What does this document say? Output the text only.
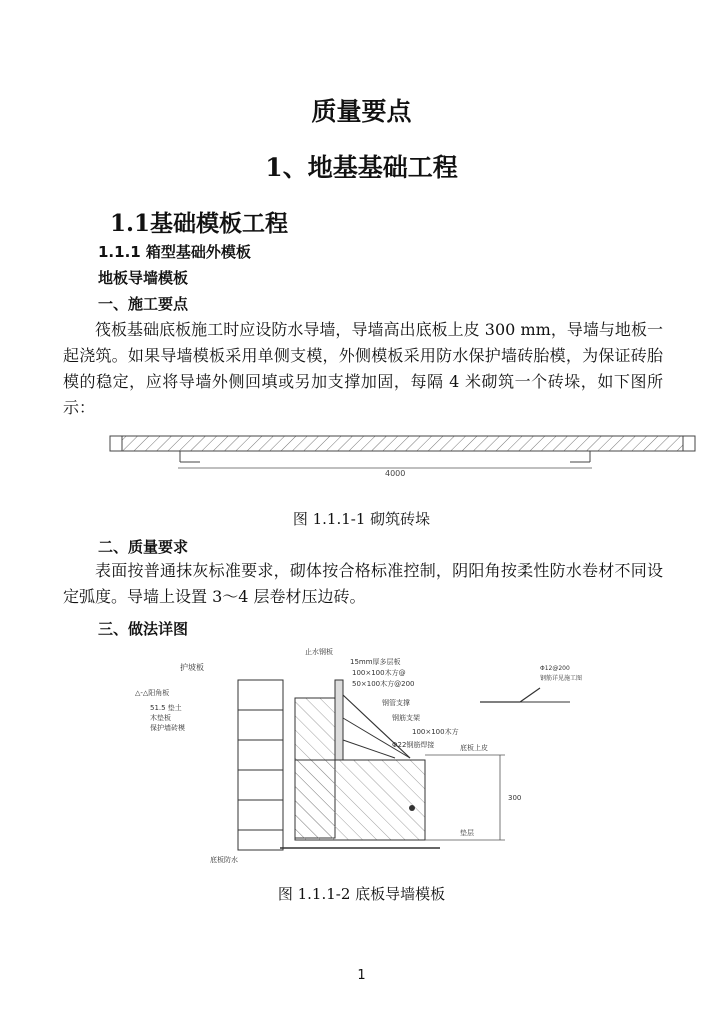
质量要点
1、地基基础工程
1.1基础模板工程
1.1.1 箱型基础外模板
地板导墙模板
一、施工要点
筏板基础底板施工时应设防水导墙，导墙高出底板上皮 300 mm，导墙与地板一起浇筑。如果导墙模板采用单侧支模，外侧模板采用防水保护墙砖胎模，为保证砖胎模的稳定，应将导墙外侧回填或另加支撑加固，每隔 4 米砌筑一个砖垛，如下图所示：
4000
图 1.1.1-1 砌筑砖垛
二、质量要求
表面按普通抹灰标准要求，砌体按合格标准控制，阴阳角按柔性防水卷材不同设定弧度。导墙上设置 3～4 层卷材压边砖。
三、做法详图
护坡板
△-△阳角板
51.5 垫土
木垫板
保护墙砖模
止水钢板
15mm厚多层板
100×100木方@
50×100木方@200
钢管支撑
钢筋支架
100×100木方
Φ22钢筋焊接
底板防水
Φ12@200
钢筋详见施工图
300
底板上皮
垫层
图 1.1.1-2 底板导墙模板
1
